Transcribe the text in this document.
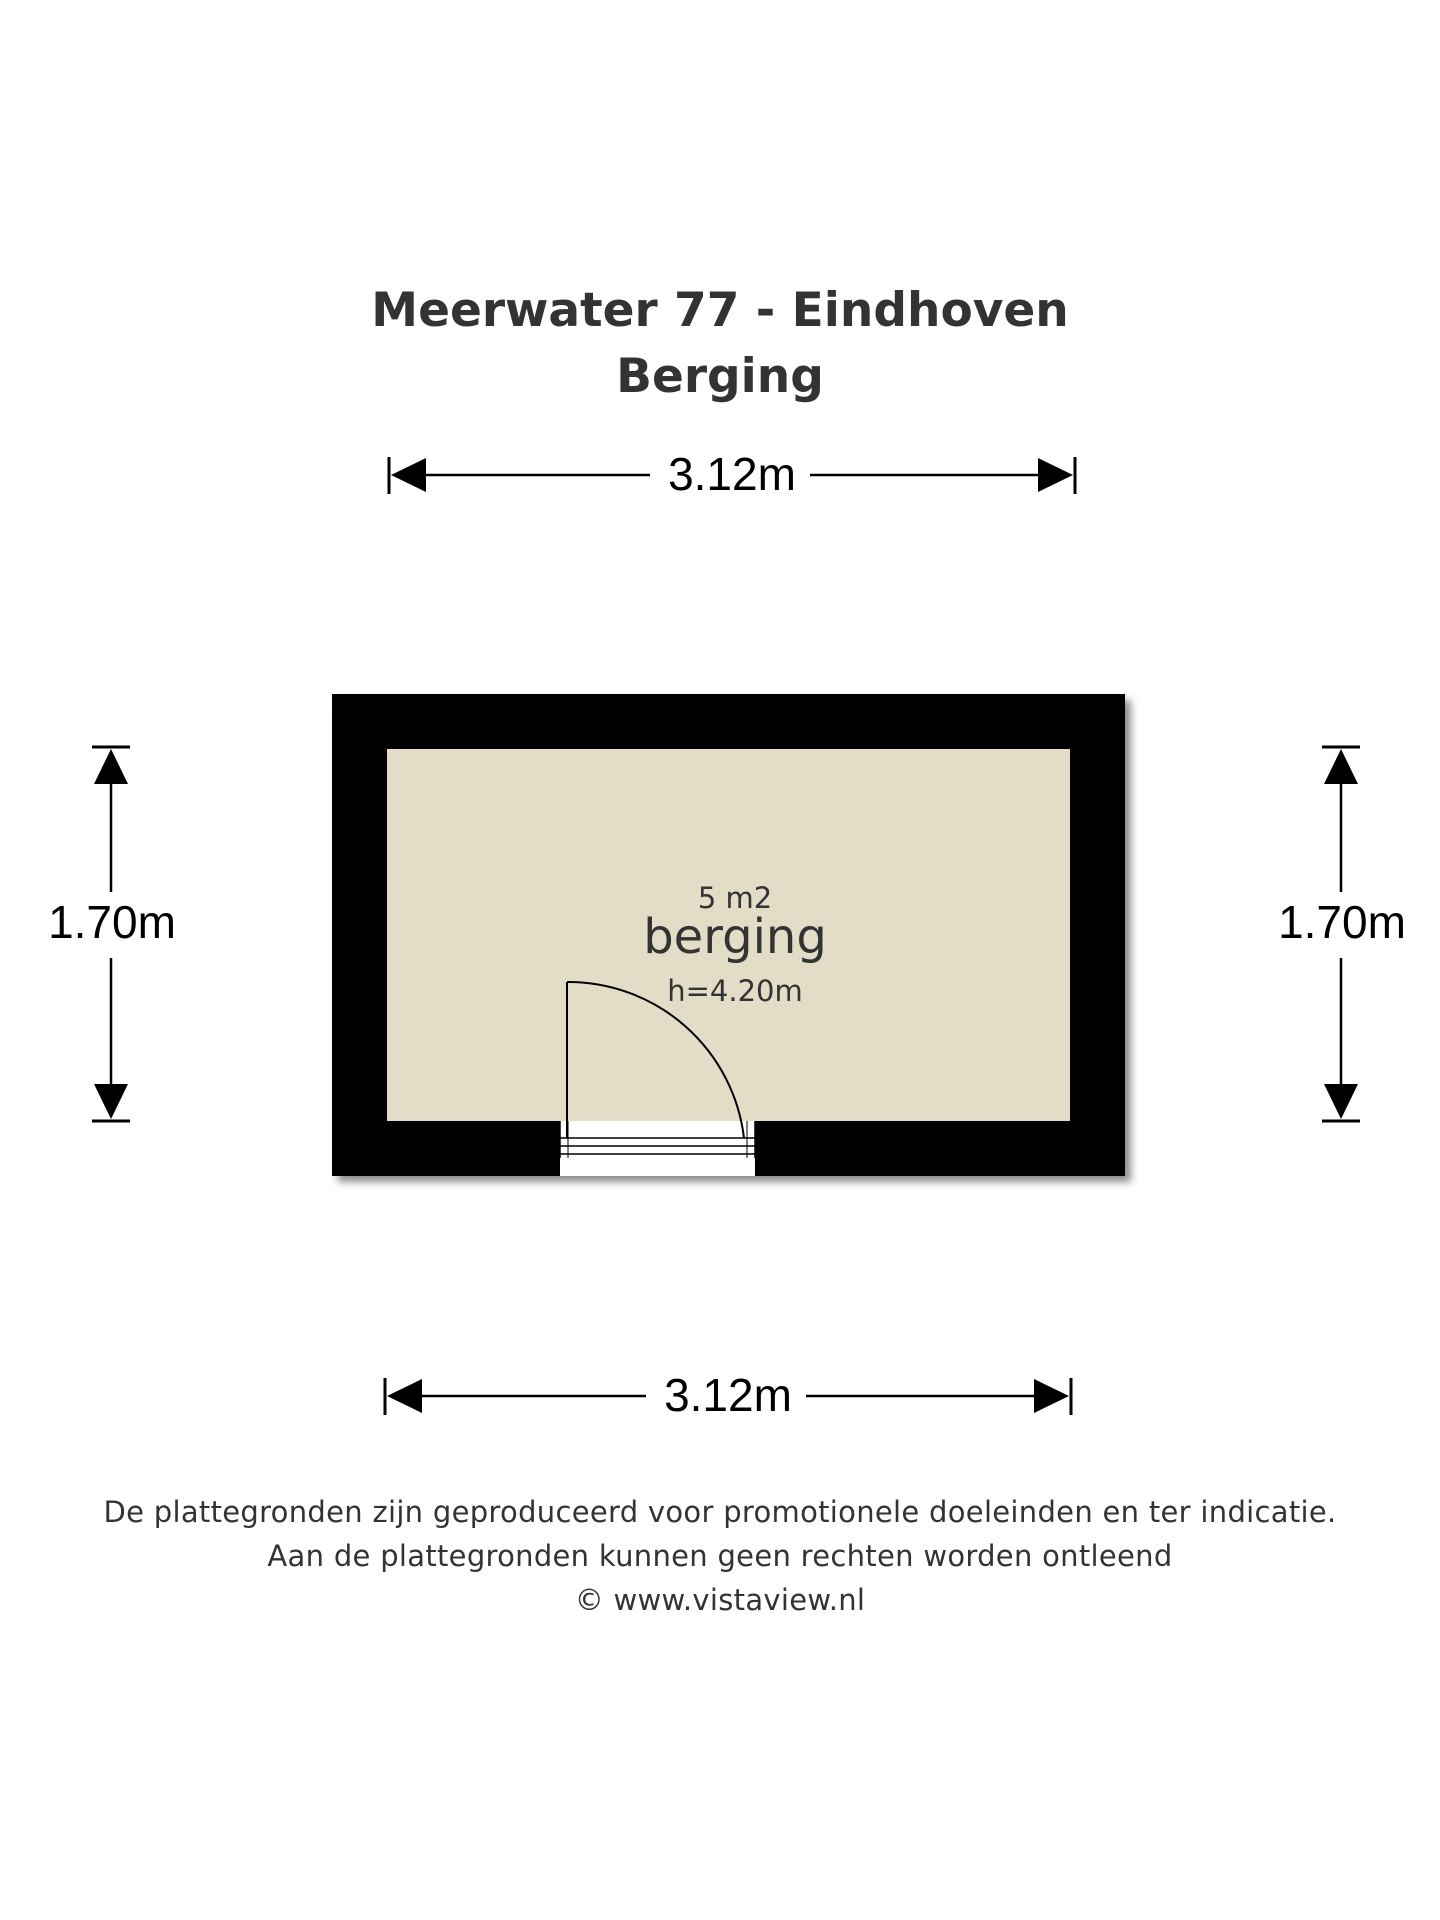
Meerwater 77 - Eindhoven
Berging
3.12m
5 m2
berging
h=4.20m
1.70m	1.70m
3.12m
De plattegronden zijn geproduceerd voor promotionele doeleinden en ter indicatie.
Aan de plattegronden kunnen geen rechten worden ontleend
© www.vistaview.nl
